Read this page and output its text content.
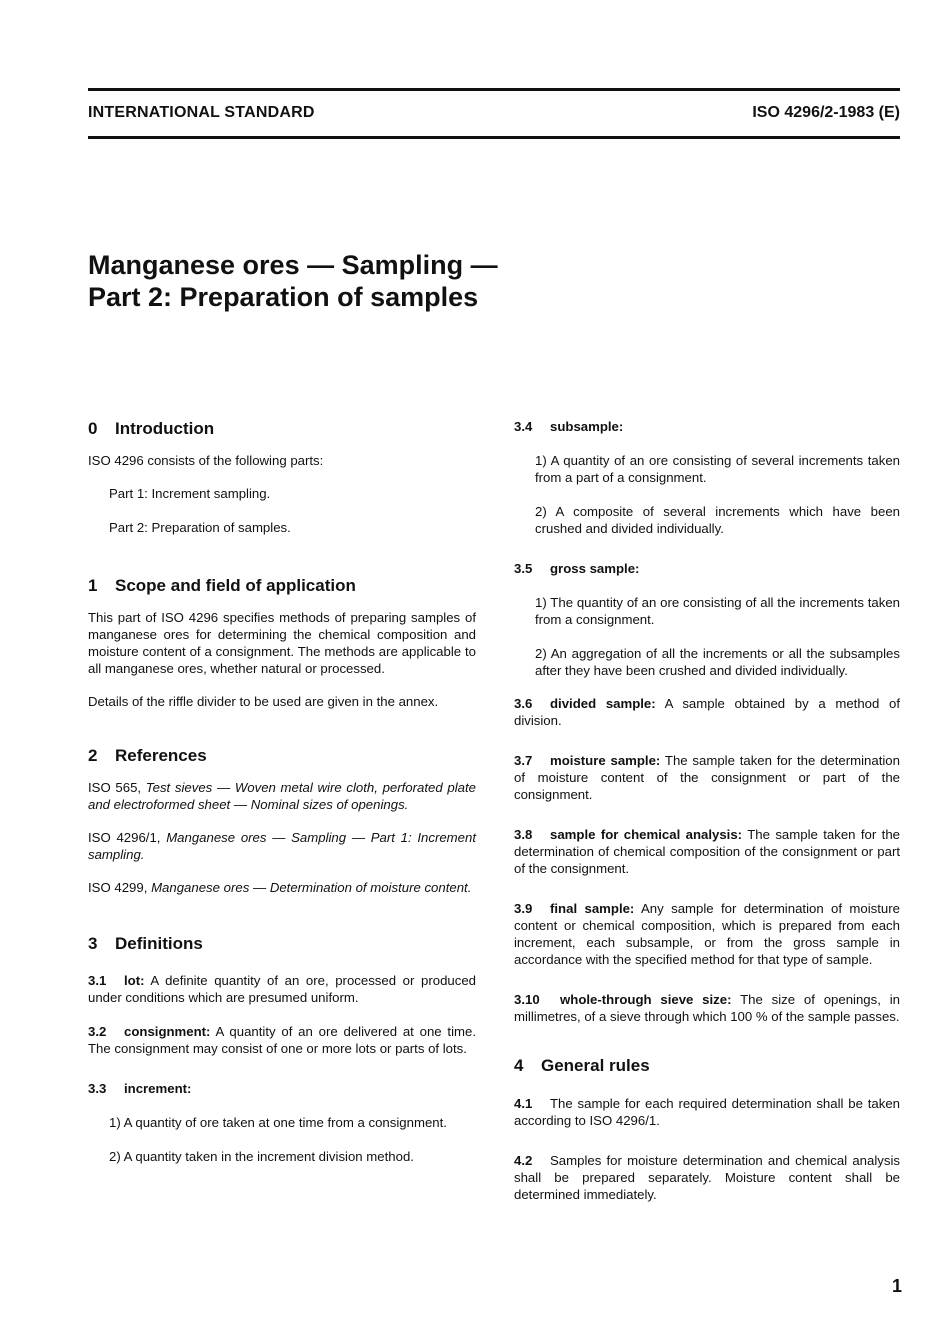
INTERNATIONAL STANDARD	ISO 4296/2-1983 (E)
Manganese ores — Sampling —
Part 2: Preparation of samples
0 Introduction

ISO 4296 consists of the following parts:

Part 1: Increment sampling.

Part 2: Preparation of samples.

1 Scope and field of application

This part of ISO 4296 specifies methods of preparing samples of manganese ores for determining the chemical composition and moisture content of a consignment. The methods are applicable to all manganese ores, whether natural or processed.

Details of the riffle divider to be used are given in the annex.

2 References

ISO 565, Test sieves — Woven metal wire cloth, perforated plate and electroformed sheet — Nominal sizes of openings.

ISO 4296/1, Manganese ores — Sampling — Part 1: Increment sampling.

ISO 4299, Manganese ores — Determination of moisture content.

3 Definitions

3.1 lot: A definite quantity of an ore, processed or produced under conditions which are presumed uniform.

3.2 consignment: A quantity of an ore delivered at one time. The consignment may consist of one or more lots or parts of lots.

3.3 increment:

1) A quantity of ore taken at one time from a consignment.

2) A quantity taken in the increment division method.

3.4 subsample:

1) A quantity of an ore consisting of several increments taken from a part of a consignment.

2) A composite of several increments which have been crushed and divided individually.

3.5 gross sample:

1) The quantity of an ore consisting of all the increments taken from a consignment.

2) An aggregation of all the increments or all the subsamples after they have been crushed and divided individually.

3.6 divided sample: A sample obtained by a method of division.

3.7 moisture sample: The sample taken for the determination of moisture content of the consignment or part of the consignment.

3.8 sample for chemical analysis: The sample taken for the determination of chemical composition of the consignment or part of the consignment.

3.9 final sample: Any sample for determination of moisture content or chemical composition, which is prepared from each increment, each subsample, or from the gross sample in accordance with the specified method for that type of sample.

3.10 whole-through sieve size: The size of openings, in millimetres, of a sieve through which 100 % of the sample passes.

4 General rules

4.1 The sample for each required determination shall be taken according to ISO 4296/1.

4.2 Samples for moisture determination and chemical analysis shall be prepared separately. Moisture content shall be determined immediately.

1
